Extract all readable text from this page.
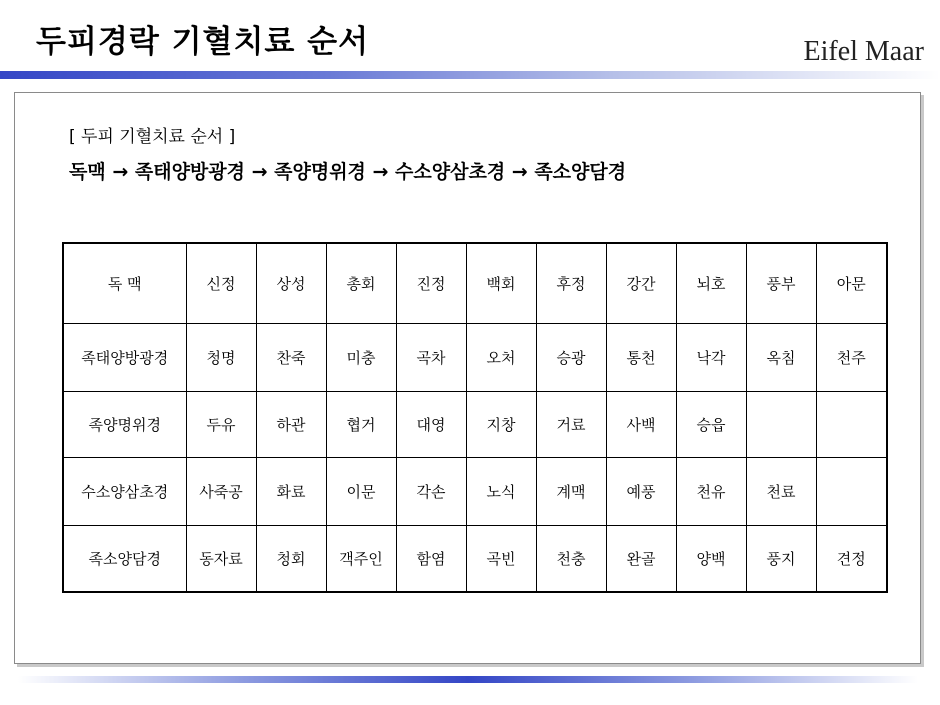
두피경락 기혈치료 순서	Eifel Maar

[ 두피 기혈치료 순서 ]

독맥 → 족태양방광경 → 족양명위경 → 수소양삼초경 → 족소양담경

독 맥	신정	상성	총회	진정	백회	후정	강간	뇌호	풍부	아문
족태양방광경	청명	찬죽	미충	곡차	오처	승광	통천	낙각	옥침	천주
족양명위경	두유	하관	협거	대영	지창	거료	사백	승읍		
수소양삼초경	사죽공	화료	이문	각손	노식	계맥	예풍	천유	천료	
족소양담경	동자료	청회	객주인	함염	곡빈	천충	완골	양백	풍지	견정
